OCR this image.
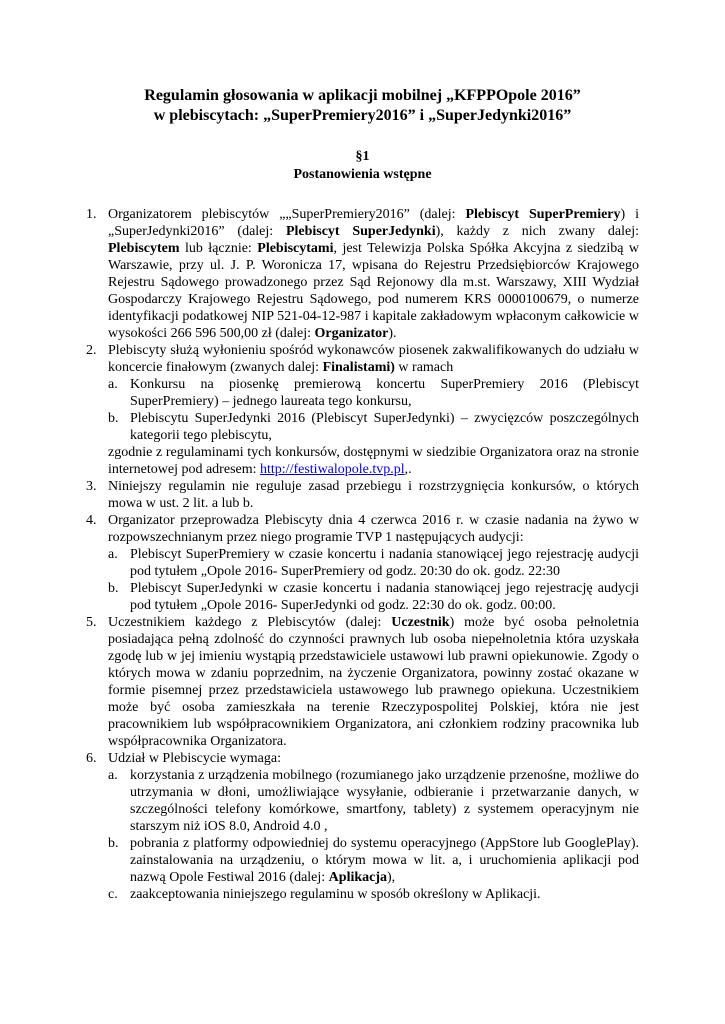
Regulamin głosowania w aplikacji mobilnej „KFPPOpole 2016”
w plebiscytach: „SuperPremiery2016” i „SuperJedynki2016”

§1

Postanowienia wstępne

1. Organizatorem plebiscytów „„SuperPremiery2016” (dalej: Plebiscyt SuperPremiery) i „SuperJedynki2016” (dalej: Plebiscyt SuperJedynki), każdy z nich zwany dalej: Plebiscytem lub łącznie: Plebiscytami, jest Telewizja Polska Spółka Akcyjna z siedzibą w Warszawie, przy ul. J. P. Woronicza 17, wpisana do Rejestru Przedsiębiorców Krajowego Rejestru Sądowego prowadzonego przez Sąd Rejonowy dla m.st. Warszawy, XIII Wydział Gospodarczy Krajowego Rejestru Sądowego, pod numerem KRS 0000100679, o numerze identyfikacji podatkowej NIP 521-04-12-987 i kapitale zakładowym wpłaconym całkowicie w wysokości 266 596 500,00 zł (dalej: Organizator).
2. Plebiscyty służą wyłonieniu spośród wykonawców piosenek zakwalifikowanych do udziału w koncercie finałowym (zwanych dalej: Finalistami) w ramach
a. Konkursu na piosenkę premierową koncertu SuperPremiery 2016 (Plebiscyt SuperPremiery) – jednego laureata tego konkursu,
b. Plebiscytu SuperJedynki 2016 (Plebiscyt SuperJedynki) – zwycięzców poszczególnych kategorii tego plebiscytu,
zgodnie z regulaminami tych konkursów, dostępnymi w siedzibie Organizatora oraz na stronie internetowej pod adresem: http://festiwalopole.tvp.pl,.
3. Niniejszy regulamin nie reguluje zasad przebiegu i rozstrzygnięcia konkursów, o których mowa w ust. 2 lit. a lub b.
4. Organizator przeprowadza Plebiscyty dnia 4 czerwca 2016 r. w czasie nadania na żywo w rozpowszechnianym przez niego programie TVP 1 następujących audycji:
a. Plebiscyt SuperPremiery w czasie koncertu i nadania stanowiącej jego rejestrację audycji pod tytułem „Opole 2016- SuperPremiery od godz. 20:30 do ok. godz. 22:30
b. Plebiscyt SuperJedynki w czasie koncertu i nadania stanowiącej jego rejestrację audycji pod tytułem „Opole 2016- SuperJedynki od godz. 22:30 do ok. godz. 00:00.
5. Uczestnikiem każdego z Plebiscytów (dalej: Uczestnik) może być osoba pełnoletnia posiadająca pełną zdolność do czynności prawnych lub osoba niepełnoletnia która uzyskała zgodę lub w jej imieniu wystąpią przedstawiciele ustawowi lub prawni opiekunowie. Zgody o których mowa w zdaniu poprzednim, na życzenie Organizatora, powinny zostać okazane w formie pisemnej przez przedstawiciela ustawowego lub prawnego opiekuna. Uczestnikiem może być osoba zamieszkała na terenie Rzeczypospolitej Polskiej, która nie jest pracownikiem lub współpracownikiem Organizatora, ani członkiem rodziny pracownika lub współpracownika Organizatora.
6. Udział w Plebiscycie wymaga:
a. korzystania z urządzenia mobilnego (rozumianego jako urządzenie przenośne, możliwe do utrzymania w dłoni, umożliwiające wysyłanie, odbieranie i przetwarzanie danych, w szczególności telefony komórkowe, smartfony, tablety) z systemem operacyjnym nie starszym niż iOS 8.0, Android 4.0 ,
b. pobrania z platformy odpowiedniej do systemu operacyjnego (AppStore lub GooglePlay). zainstalowania na urządzeniu, o którym mowa w lit. a, i uruchomienia aplikacji pod nazwą Opole Festiwal 2016 (dalej: Aplikacja),
c. zaakceptowania niniejszego regulaminu w sposób określony w Aplikacji.
